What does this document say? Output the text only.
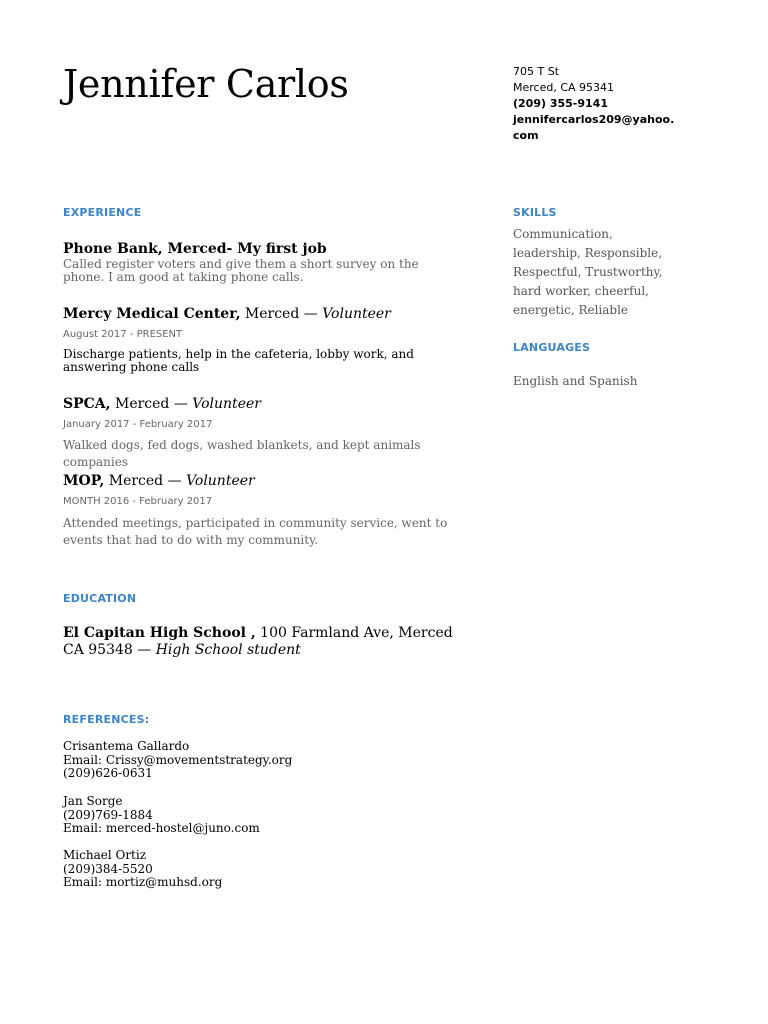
Jennifer Carlos	705 T St
Merced, CA 95341
(209) 355-9141
jennifercarlos209@yahoo.com
EXPERIENCE
Phone Bank, Merced- My first job
Called register voters and give them a short survey on the phone. I am good at taking phone calls.
Mercy Medical Center, Merced — Volunteer
August 2017 - PRESENT
Discharge patients, help in the cafeteria, lobby work, and answering phone calls
SPCA, Merced — Volunteer
January 2017 - February 2017
Walked dogs, fed dogs, washed blankets, and kept animals companies
MOP, Merced — Volunteer
MONTH 2016 - February 2017
Attended meetings, participated in community service, went to events that had to do with my community.
EDUCATION
El Capitan High School , 100 Farmland Ave, Merced CA 95348 — High School student
REFERENCES:
Crisantema Gallardo
Email: Crissy@movementstrategy.org
(209)626-0631
Jan Sorge
(209)769-1884
Email: merced-hostel@juno.com
Michael Ortiz
(209)384-5520
Email: mortiz@muhsd.org
SKILLS
Communication, leadership, Responsible, Respectful, Trustworthy, hard worker, cheerful, energetic, Reliable
LANGUAGES
English and Spanish
